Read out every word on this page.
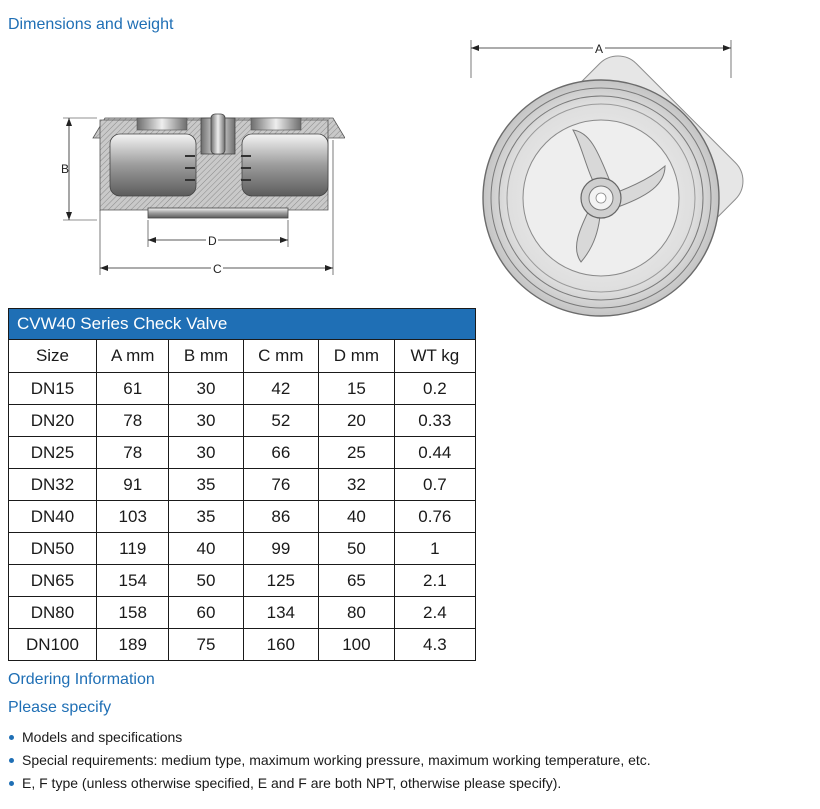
Dimensions and weight
B
D
C
A
CVW40 Series Check Valve					
Size	A mm	B mm	C mm	D mm	WT kg
DN15	61	30	42	15	0.2
DN20	78	30	52	20	0.33
DN25	78	30	66	25	0.44
DN32	91	35	76	32	0.7
DN40	103	35	86	40	0.76
DN50	119	40	99	50	1
DN65	154	50	125	65	2.1
DN80	158	60	134	80	2.4
DN100	189	75	160	100	4.3
Ordering Information
Please specify
Models and specifications
Special requirements: medium type, maximum working pressure, maximum working temperature, etc.
E, F type (unless otherwise specified, E and F are both NPT, otherwise please specify).
